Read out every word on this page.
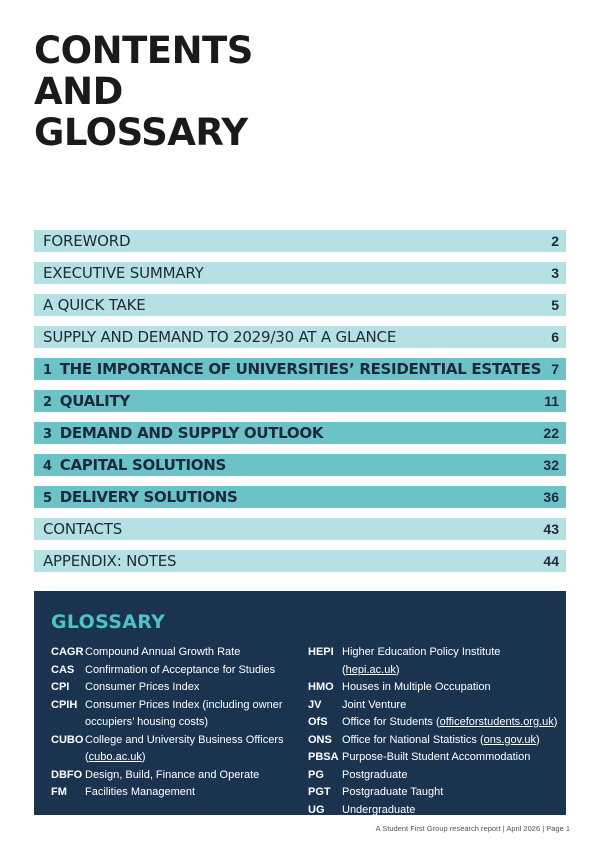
CONTENTS
AND
GLOSSARY
FOREWORD	2
EXECUTIVE SUMMARY	3
A QUICK TAKE	5
SUPPLY AND DEMAND TO 2029/30 AT A GLANCE	6
1 THE IMPORTANCE OF UNIVERSITIES’ RESIDENTIAL ESTATES 7
2 QUALITY	11
3 DEMAND AND SUPPLY OUTLOOK	22
4 CAPITAL SOLUTIONS	32
5 DELIVERY SOLUTIONS	36
CONTACTS	43
APPENDIX: NOTES	44
GLOSSARY
CAGR Compound Annual Growth Rate
CAS Confirmation of Acceptance for Studies
CPI	Consumer Prices Index
CPIH Consumer Prices Index (including owner occupiers’ housing costs)
CUBO College and University Business Officers (cubo.ac.uk)
DBFO Design, Build, Finance and Operate
FM	Facilities Management
HEPI Higher Education Policy Institute (hepi.ac.uk)
HMO Houses in Multiple Occupation
JV	Joint Venture
OfS	Office for Students (officeforstudents.org.uk)
ONS Office for National Statistics (ons.gov.uk)
PBSA Purpose-Built Student Accommodation
PG	Postgraduate
PGT	Postgraduate Taught
UG	Undergraduate
A Student First Group research report | April 2026 | Page 1
